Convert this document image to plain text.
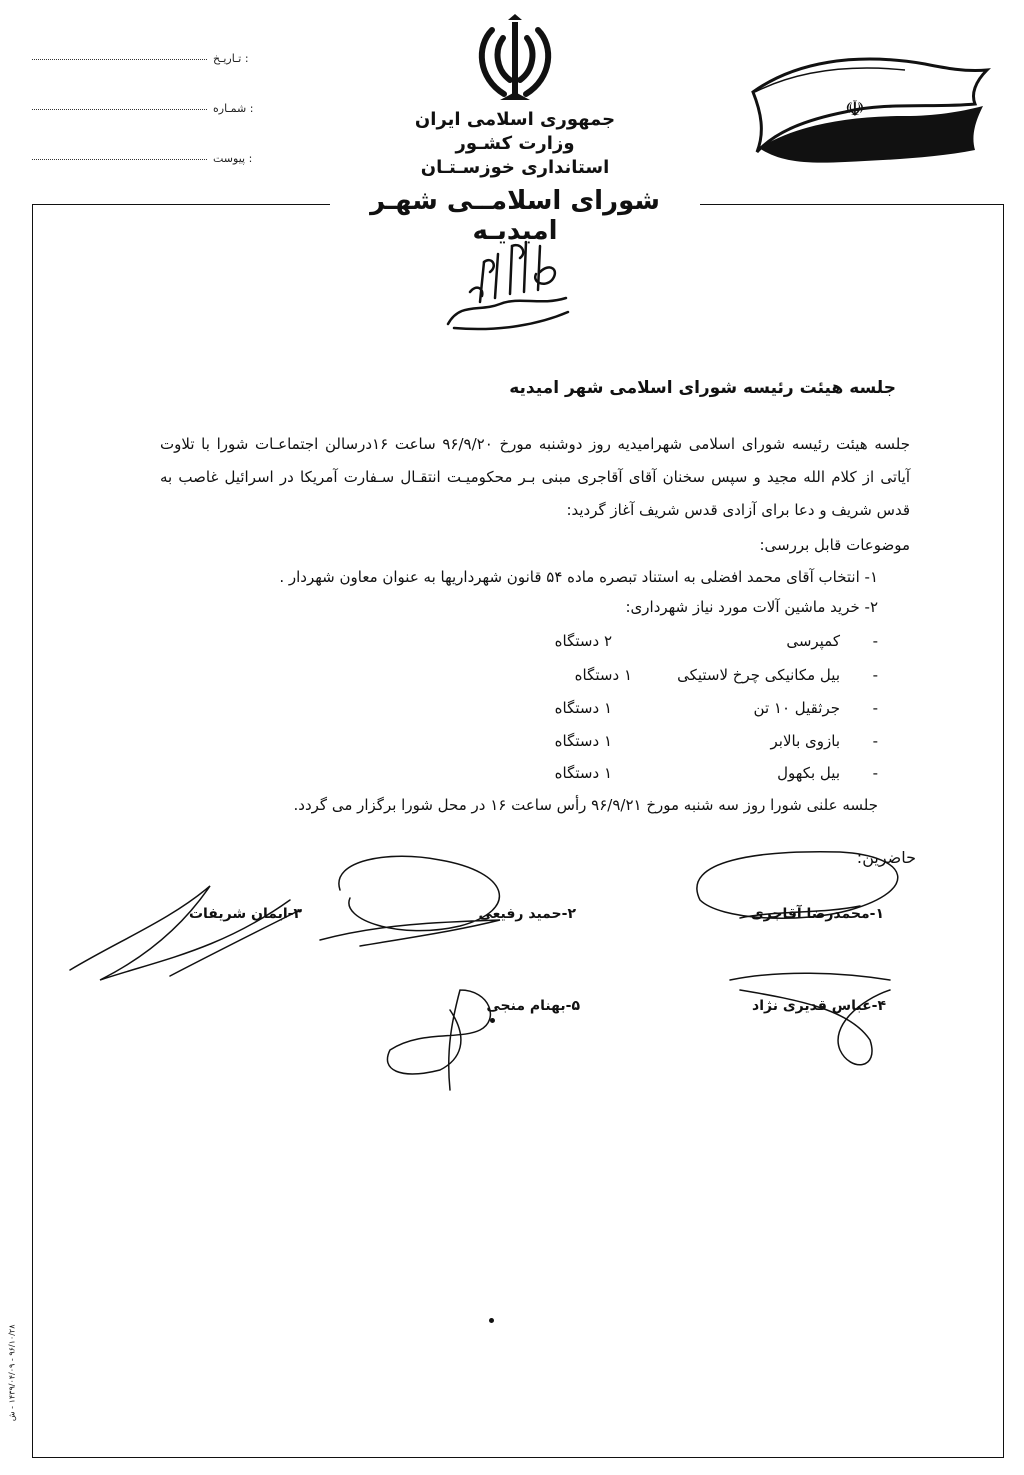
تـاریـخ :
شمـاره :
پیوست :
جمهوری اسلامی ایران
وزارت کشـور
استانداری خوزسـتـان
☫
شورای اسلامــی شهـر امیدیـه
جلسه هیئت رئیسه شورای اسلامی شهر امیدیه
جلسه هیئت رئیسه شورای اسلامی شهرامیدیه روز دوشنبه مورخ ۹۶/۹/۲۰ ساعت ۱۶درسالن اجتماعـات شورا با تلاوت آیاتی از کلام الله مجید و سپس سخنان آقای آقاجری مبنی بـر محکومیـت انتقـال سـفارت آمریکا در اسرائیل غاصب به قدس شریف و دعا برای آزادی قدس شریف آغاز گردید:
موضوعات قابل بررسی:
۱- انتخاب آقای محمد افضلی به استناد تبصره ماده ۵۴ قانون شهرداریها به عنوان معاون شهردار .
۲- خرید ماشین آلات مورد نیاز شهرداری:
-
کمپرسی
۲ دستگاه
-
بیل مکانیکی چرخ لاستیکی
۱ دستگاه
-
جرثقیل ۱۰ تن
۱ دستگاه
-
بازوی بالابر
۱ دستگاه
-
بیل بکهول
۱ دستگاه
جلسه علنی شورا روز سه شنبه مورخ ۹۶/۹/۲۱ رأس ساعت ۱۶ در محل شورا برگزار می گردد.
حاضرین:
۱-محمدرضا آقاجری
۲-حمید رفیعی
۳-ایمان شریفات
۴-عباس قدیری نژاد
۵-بهنام منجی
۹۶/۱۰/۲۸ - ۱۴۳۹/۰۴/۰۹ - ش
